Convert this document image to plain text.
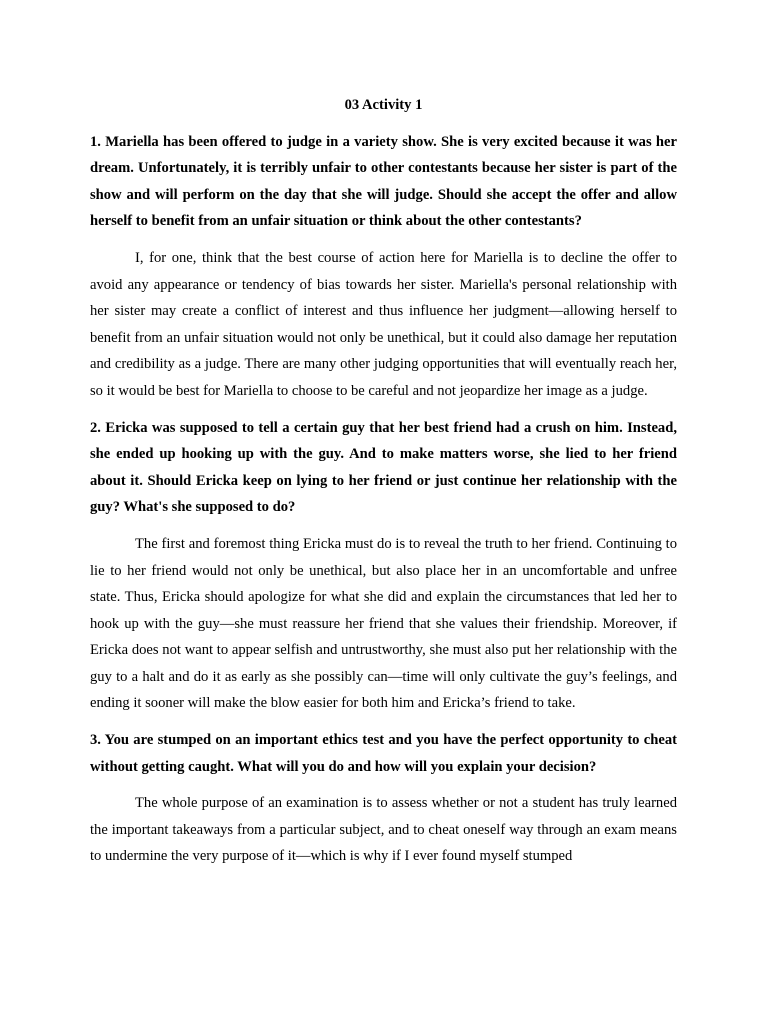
03 Activity 1
1. Mariella has been offered to judge in a variety show. She is very excited because it was her dream. Unfortunately, it is terribly unfair to other contestants because her sister is part of the show and will perform on the day that she will judge. Should she accept the offer and allow herself to benefit from an unfair situation or think about the other contestants?
I, for one, think that the best course of action here for Mariella is to decline the offer to avoid any appearance or tendency of bias towards her sister. Mariella's personal relationship with her sister may create a conflict of interest and thus influence her judgment—allowing herself to benefit from an unfair situation would not only be unethical, but it could also damage her reputation and credibility as a judge. There are many other judging opportunities that will eventually reach her, so it would be best for Mariella to choose to be careful and not jeopardize her image as a judge.
2. Ericka was supposed to tell a certain guy that her best friend had a crush on him. Instead, she ended up hooking up with the guy. And to make matters worse, she lied to her friend about it. Should Ericka keep on lying to her friend or just continue her relationship with the guy? What's she supposed to do?
The first and foremost thing Ericka must do is to reveal the truth to her friend. Continuing to lie to her friend would not only be unethical, but also place her in an uncomfortable and unfree state. Thus, Ericka should apologize for what she did and explain the circumstances that led her to hook up with the guy—she must reassure her friend that she values their friendship. Moreover, if Ericka does not want to appear selfish and untrustworthy, she must also put her relationship with the guy to a halt and do it as early as she possibly can—time will only cultivate the guy’s feelings, and ending it sooner will make the blow easier for both him and Ericka’s friend to take.
3. You are stumped on an important ethics test and you have the perfect opportunity to cheat without getting caught. What will you do and how will you explain your decision?
The whole purpose of an examination is to assess whether or not a student has truly learned the important takeaways from a particular subject, and to cheat oneself way through an exam means to undermine the very purpose of it—which is why if I ever found myself stumped
